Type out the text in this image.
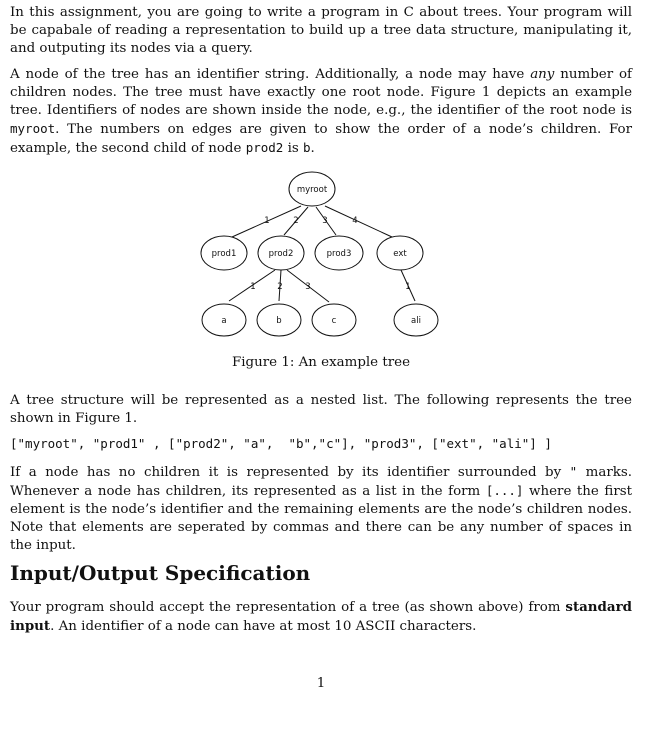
In this assignment, you are going to write a program in C about trees. Your program will be capabale of reading a representation to build up a tree data structure, manipulating it, and outputing its nodes via a query.

A node of the tree has an identifier string. Additionally, a node may have any number of children nodes. The tree must have exactly one root node. Figure 1 depicts an example tree. Identifiers of nodes are shown inside the node, e.g., the identifier of the root node is myroot. The numbers on edges are given to show the order of a node’s children. For example, the second child of node prod2 is b.

1	2	3	4
1	2	3	1
myroot
prod1	prod2	prod3	ext
a	b	c	ali

Figure 1: An example tree

A tree structure will be represented as a nested list. The following represents the tree shown in Figure 1.

["myroot", "prod1" , ["prod2", "a",  "b","c"], "prod3", ["ext", "ali"] ]

If a node has no children it is represented by its identifier surrounded by " marks. Whenever a node has children, its represented as a list in the form [...] where the first element is the node’s identifier and the remaining elements are the node’s children nodes. Note that elements are seperated by commas and there can be any number of spaces in the input.

Input/Output Specification

Your program should accept the representation of a tree (as shown above) from standard input. An identifier of a node can have at most 10 ASCII characters.

1
